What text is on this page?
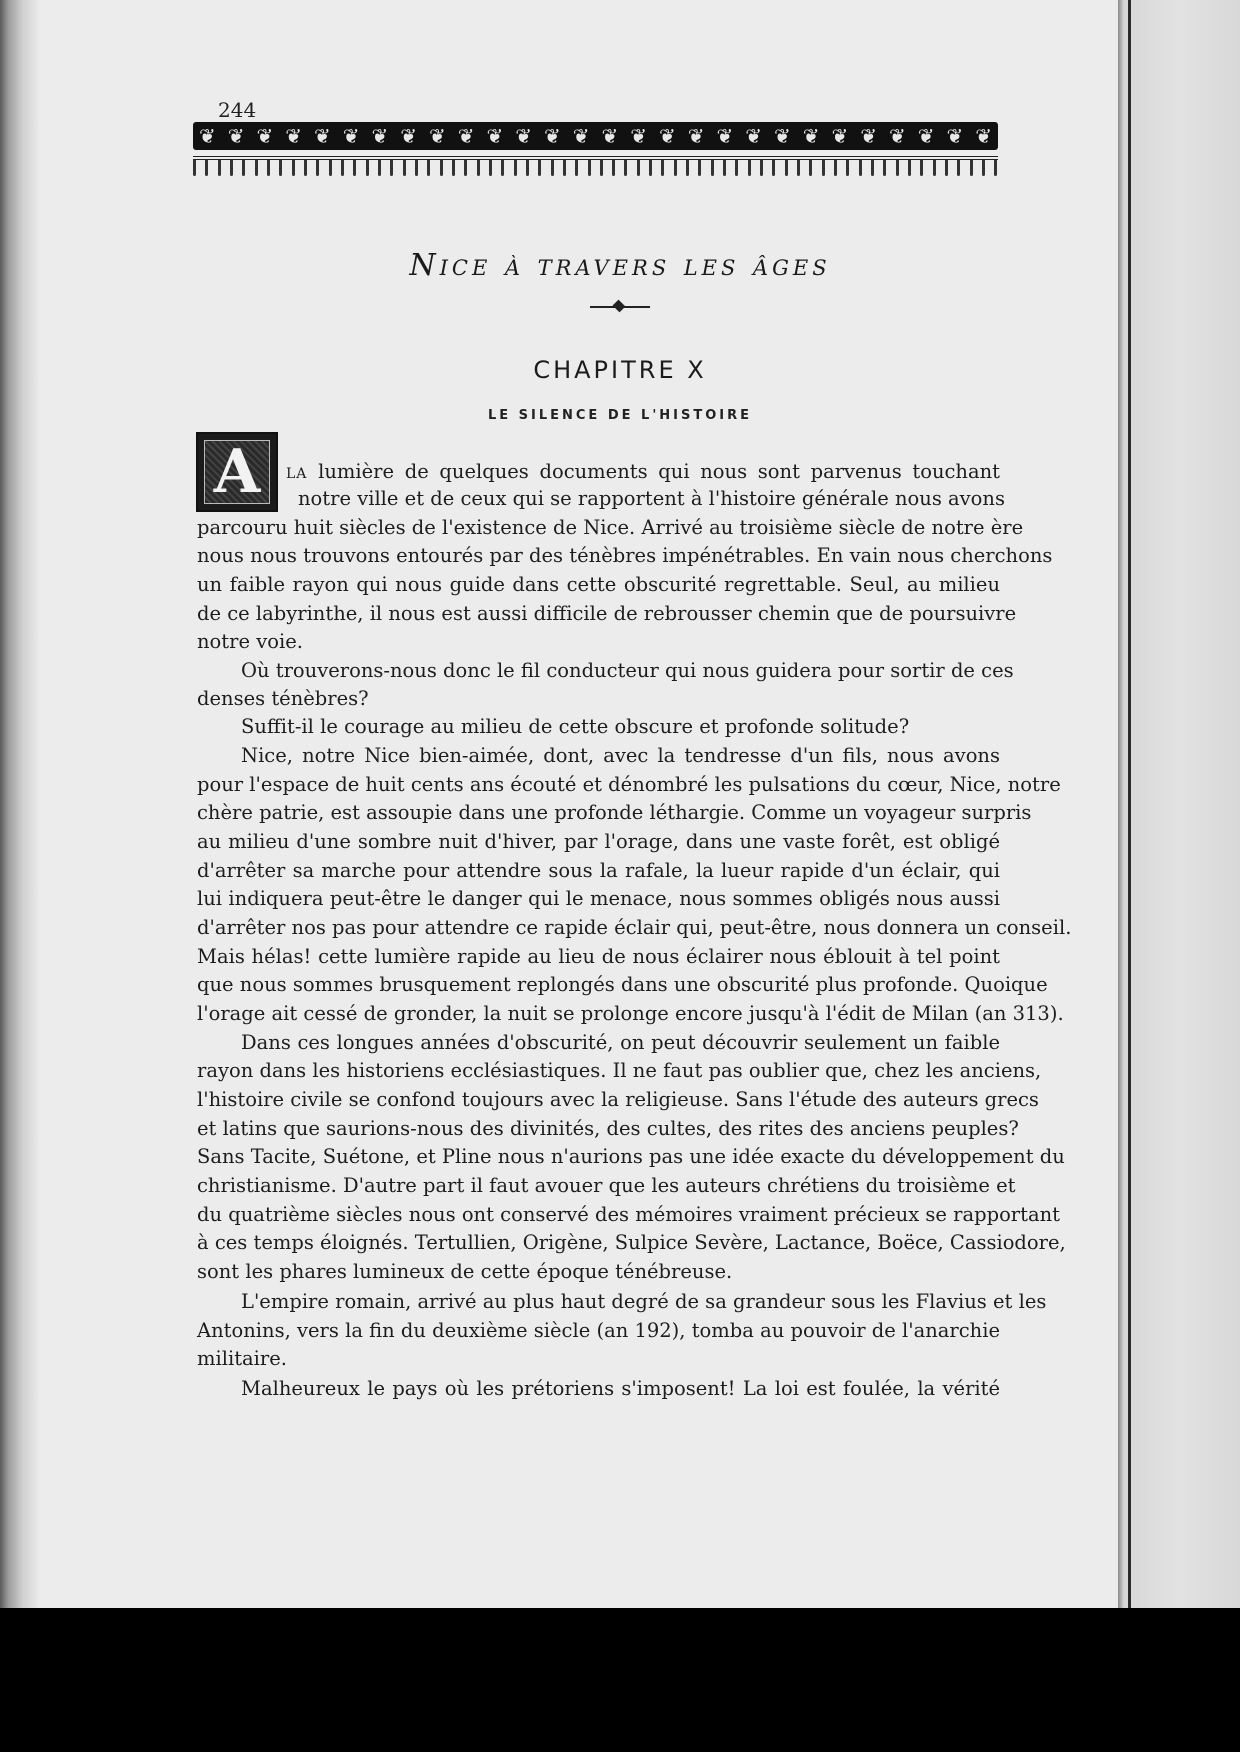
244
❦ ❦ ❦ ❦ ❦ ❦ ❦ ❦ ❦ ❦ ❦ ❦ ❦ ❦ ❦ ❦ ❦ ❦ ❦ ❦ ❦ ❦ ❦ ❦ ❦ ❦ ❦ ❦
Nice à travers les âges
CHAPITRE X
LE SILENCE DE L'HISTOIRE
A LA lumière de quelques documents qui nous sont parvenus touchant

notre ville et de ceux qui se rapportent à l'histoire générale nous avons

parcouru huit siècles de l'existence de Nice. Arrivé au troisième siècle de notre ère

nous nous trouvons entourés par des ténèbres impénétrables. En vain nous cherchons

un faible rayon qui nous guide dans cette obscurité regrettable. Seul, au milieu

de ce labyrinthe, il nous est aussi difficile de rebrousser chemin que de poursuivre

notre voie.

Où trouverons-nous donc le fil conducteur qui nous guidera pour sortir de ces

denses ténèbres?

Suffit-il le courage au milieu de cette obscure et profonde solitude?

Nice, notre Nice bien-aimée, dont, avec la tendresse d'un fils, nous avons

pour l'espace de huit cents ans écouté et dénombré les pulsations du cœur, Nice, notre

chère patrie, est assoupie dans une profonde léthargie. Comme un voyageur surpris

au milieu d'une sombre nuit d'hiver, par l'orage, dans une vaste forêt, est obligé

d'arrêter sa marche pour attendre sous la rafale, la lueur rapide d'un éclair, qui

lui indiquera peut-être le danger qui le menace, nous sommes obligés nous aussi

d'arrêter nos pas pour attendre ce rapide éclair qui, peut-être, nous donnera un conseil.

Mais hélas! cette lumière rapide au lieu de nous éclairer nous éblouit à tel point

que nous sommes brusquement replongés dans une obscurité plus profonde. Quoique

l'orage ait cessé de gronder, la nuit se prolonge encore jusqu'à l'édit de Milan (an 313).

Dans ces longues années d'obscurité, on peut découvrir seulement un faible

rayon dans les historiens ecclésiastiques. Il ne faut pas oublier que, chez les anciens,

l'histoire civile se confond toujours avec la religieuse. Sans l'étude des auteurs grecs

et latins que saurions-nous des divinités, des cultes, des rites des anciens peuples?

Sans Tacite, Suétone, et Pline nous n'aurions pas une idée exacte du développement du

christianisme. D'autre part il faut avouer que les auteurs chrétiens du troisième et

du quatrième siècles nous ont conservé des mémoires vraiment précieux se rapportant

à ces temps éloignés. Tertullien, Origène, Sulpice Sevère, Lactance, Boëce, Cassiodore,

sont les phares lumineux de cette époque ténébreuse.

L'empire romain, arrivé au plus haut degré de sa grandeur sous les Flavius et les

Antonins, vers la fin du deuxième siècle (an 192), tomba au pouvoir de l'anarchie

militaire.

Malheureux le pays où les prétoriens s'imposent! La loi est foulée, la vérité
